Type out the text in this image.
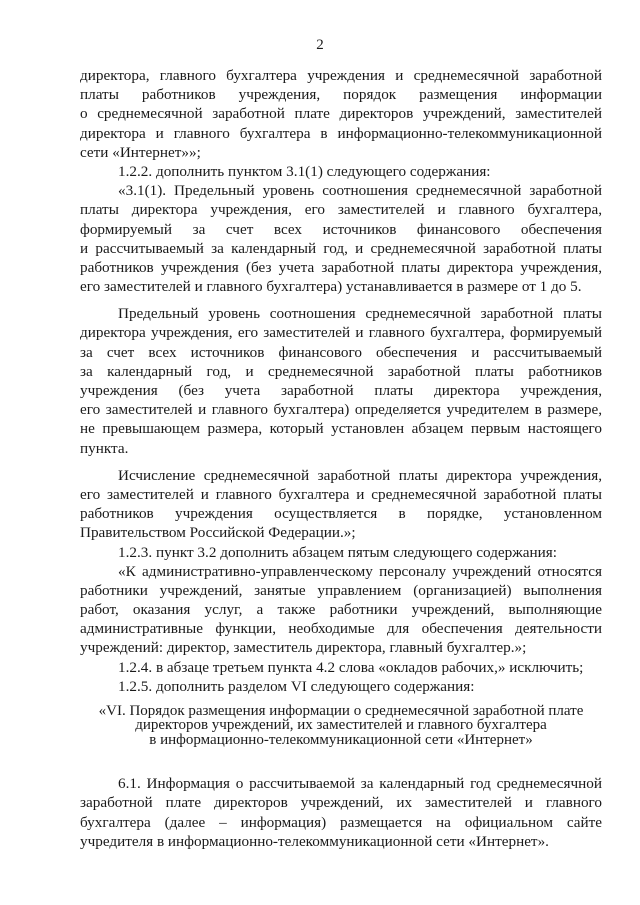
2
директора, главного бухгалтера учреждения и среднемесячной заработной
платы работников учреждения, порядок размещения информации
о среднемесячной заработной плате директоров учреждений, заместителей
директора и главного бухгалтера в информационно-телекоммуникационной
сети «Интернет»»;
1.2.2. дополнить пунктом 3.1(1) следующего содержания:
«3.1(1). Предельный уровень соотношения среднемесячной заработной
платы директора учреждения, его заместителей и главного бухгалтера,
формируемый за счет всех источников финансового обеспечения
и рассчитываемый за календарный год, и среднемесячной заработной платы
работников учреждения (без учета заработной платы директора учреждения,
его заместителей и главного бухгалтера) устанавливается в размере от 1 до 5.
Предельный уровень соотношения среднемесячной заработной платы
директора учреждения, его заместителей и главного бухгалтера, формируемый
за счет всех источников финансового обеспечения и рассчитываемый
за календарный год, и среднемесячной заработной платы работников
учреждения (без учета заработной платы директора учреждения,
его заместителей и главного бухгалтера) определяется учредителем в размере,
не превышающем размера, который установлен абзацем первым настоящего
пункта.
Исчисление среднемесячной заработной платы директора учреждения,
его заместителей и главного бухгалтера и среднемесячной заработной платы
работников учреждения осуществляется в порядке, установленном
Правительством Российской Федерации.»;
1.2.3. пункт 3.2 дополнить абзацем пятым следующего содержания:
«К административно-управленческому персоналу учреждений относятся
работники учреждений, занятые управлением (организацией) выполнения
работ, оказания услуг, а также работники учреждений, выполняющие
административные функции, необходимые для обеспечения деятельности
учреждений: директор, заместитель директора, главный бухгалтер.»;
1.2.4. в абзаце третьем пункта 4.2 слова «окладов рабочих,» исключить;
1.2.5. дополнить разделом VI следующего содержания:
«VI. Порядок размещения информации о среднемесячной заработной плате
директоров учреждений, их заместителей и главного бухгалтера
в информационно-телекоммуникационной сети «Интернет»
6.1. Информация о рассчитываемой за календарный год среднемесячной
заработной плате директоров учреждений, их заместителей и главного
бухгалтера (далее – информация) размещается на официальном сайте
учредителя в информационно-телекоммуникационной сети «Интернет».
